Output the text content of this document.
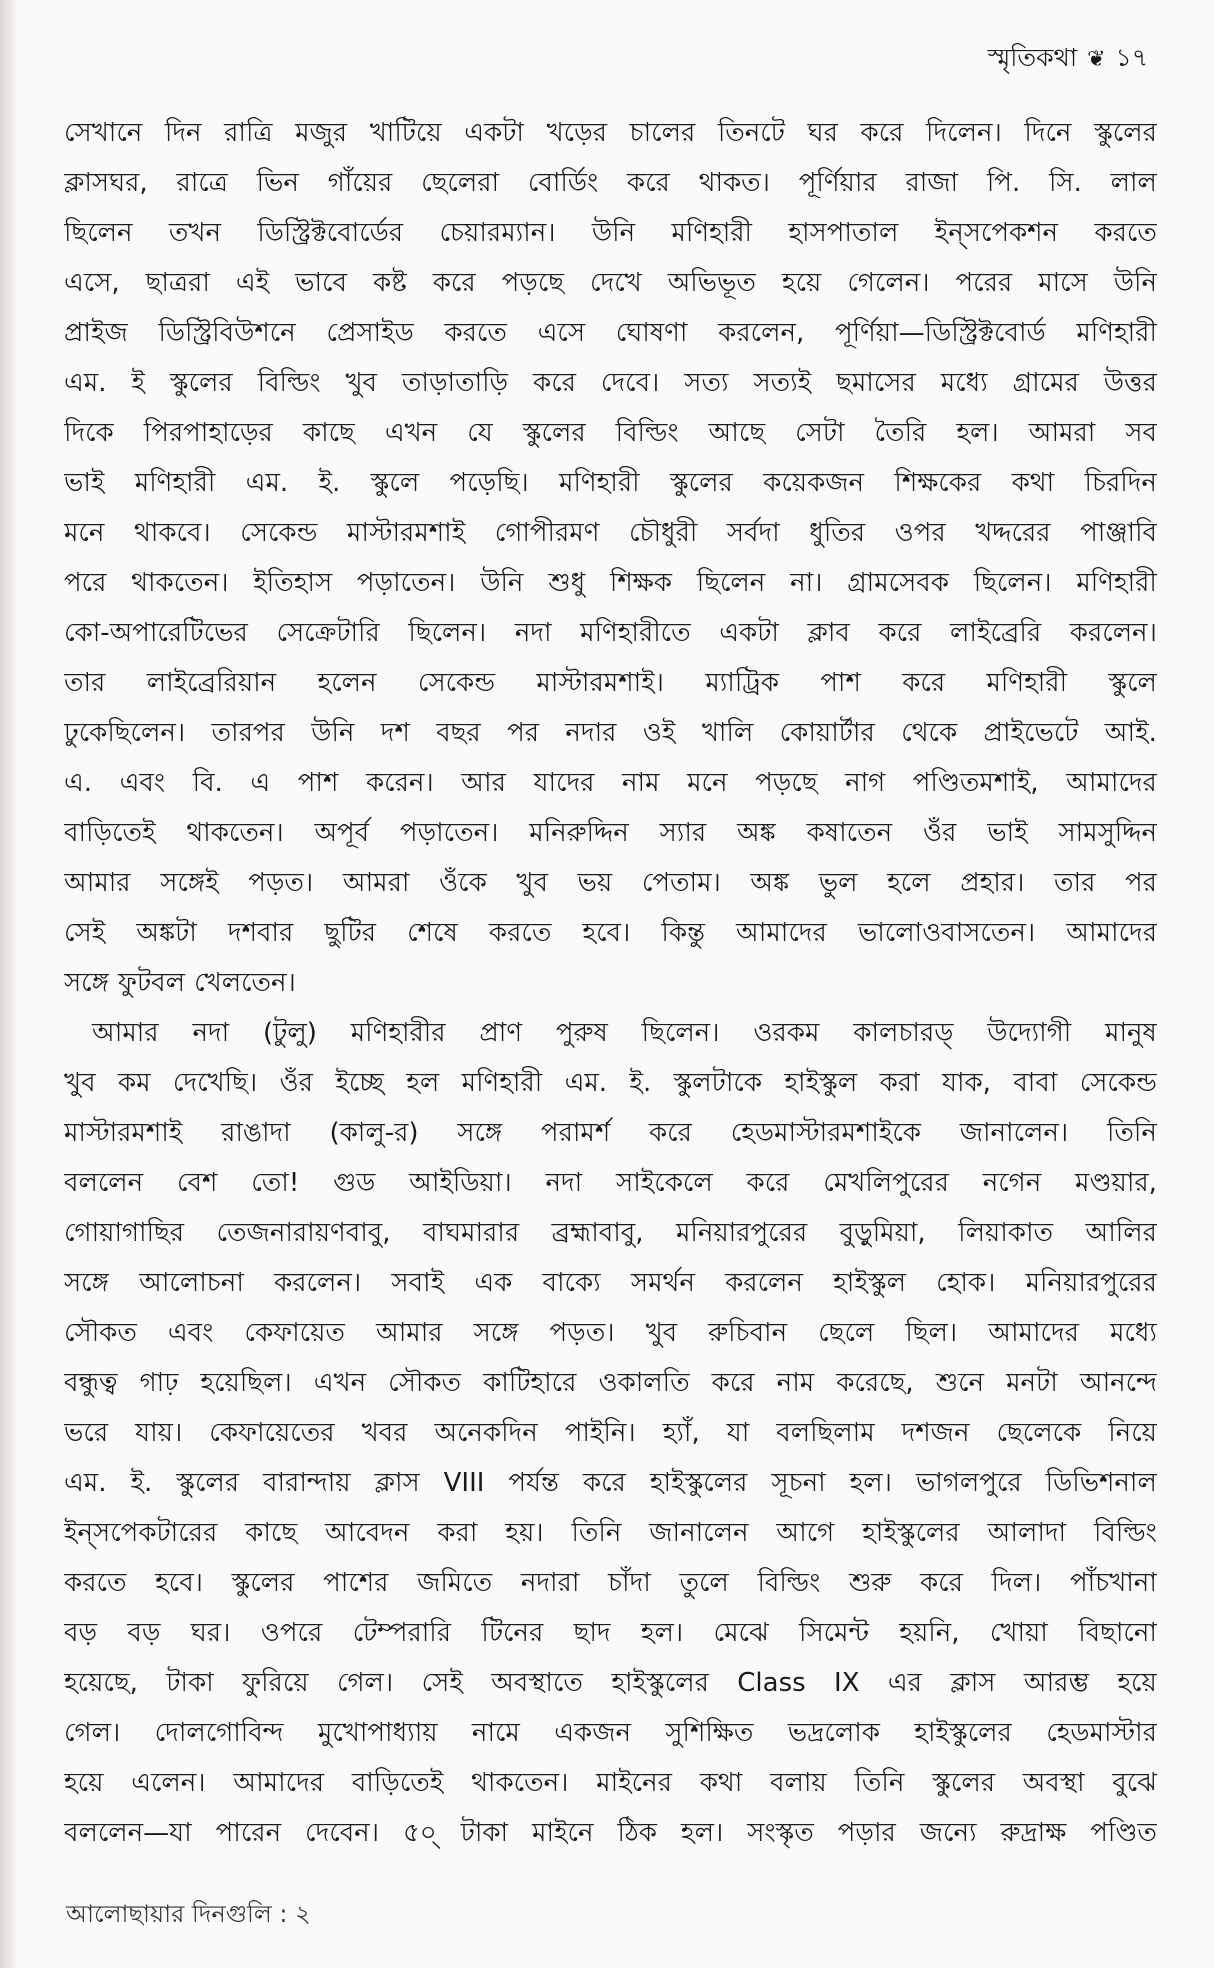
স্মৃতিকথা ❦ ১৭
সেখানে দিন রাত্রি মজুর খাটিয়ে একটা খড়ের চালের তিনটে ঘর করে দিলেন। দিনে স্কুলের
ক্লাসঘর, রাত্রে ভিন গাঁয়ের ছেলেরা বোর্ডিং করে থাকত। পূর্ণিয়ার রাজা পি. সি. লাল
ছিলেন তখন ডিস্ট্রিক্টবোর্ডের চেয়ারম্যান। উনি মণিহারী হাসপাতাল ইন্‌সপেকশন করতে
এসে, ছাত্ররা এই ভাবে কষ্ট করে পড়ছে দেখে অভিভূত হয়ে গেলেন। পরের মাসে উনি
প্রাইজ ডিস্ট্রিবিউশনে প্রেসাইড করতে এসে ঘোষণা করলেন, পূর্ণিয়া—ডিস্ট্রিক্টবোর্ড মণিহারী
এম. ই স্কুলের বিল্ডিং খুব তাড়াতাড়ি করে দেবে। সত্য সত্যই ছমাসের মধ্যে গ্রামের উত্তর
দিকে পিরপাহাড়ের কাছে এখন যে স্কুলের বিল্ডিং আছে সেটা তৈরি হল। আমরা সব
ভাই মণিহারী এম. ই. স্কুলে পড়েছি। মণিহারী স্কুলের কয়েকজন শিক্ষকের কথা চিরদিন
মনে থাকবে। সেকেন্ড মাস্টারমশাই গোপীরমণ চৌধুরী সর্বদা ধুতির ওপর খদ্দরের পাঞ্জাবি
পরে থাকতেন। ইতিহাস পড়াতেন। উনি শুধু শিক্ষক ছিলেন না। গ্রামসেবক ছিলেন। মণিহারী
কো-অপারেটিভের সেক্রেটারি ছিলেন। নদা মণিহারীতে একটা ক্লাব করে লাইব্রেরি করলেন।
তার লাইব্রেরিয়ান হলেন সেকেন্ড মাস্টারমশাই। ম্যাট্রিক পাশ করে মণিহারী স্কুলে
ঢুকেছিলেন। তারপর উনি দশ বছর পর নদার ওই খালি কোয়ার্টার থেকে প্রাইভেটে আই.
এ. এবং বি. এ পাশ করেন। আর যাদের নাম মনে পড়ছে নাগ পণ্ডিতমশাই, আমাদের
বাড়িতেই থাকতেন। অপূর্ব পড়াতেন। মনিরুদ্দিন স্যার অঙ্ক কষাতেন ওঁর ভাই সামসুদ্দিন
আমার সঙ্গেই পড়ত। আমরা ওঁকে খুব ভয় পেতাম। অঙ্ক ভুল হলে প্রহার। তার পর
সেই অঙ্কটা দশবার ছুটির শেষে করতে হবে। কিন্তু আমাদের ভালোওবাসতেন। আমাদের
সঙ্গে ফুটবল খেলতেন।
আমার নদা (টুলু) মণিহারীর প্রাণ পুরুষ ছিলেন। ওরকম কালচারড্ উদ্যোগী মানুষ
খুব কম দেখেছি। ওঁর ইচ্ছে হল মণিহারী এম. ই. স্কুলটাকে হাইস্কুল করা যাক, বাবা সেকেন্ড
মাস্টারমশাই রাঙাদা (কালু-র) সঙ্গে পরামর্শ করে হেডমাস্টারমশাইকে জানালেন। তিনি
বললেন বেশ তো! গুড আইডিয়া। নদা সাইকেলে করে মেখলিপুরের নগেন মণ্ডয়ার,
গোয়াগাছির তেজনারায়ণবাবু, বাঘমারার ব্রহ্মাবাবু, মনিয়ারপুরের বুড়ুমিয়া, লিয়াকাত আলির
সঙ্গে আলোচনা করলেন। সবাই এক বাক্যে সমর্থন করলেন হাইস্কুল হোক। মনিয়ারপুরের
সৌকত এবং কেফায়েত আমার সঙ্গে পড়ত। খুব রুচিবান ছেলে ছিল। আমাদের মধ্যে
বন্ধুত্ব গাঢ় হয়েছিল। এখন সৌকত কাটিহারে ওকালতি করে নাম করেছে, শুনে মনটা আনন্দে
ভরে যায়। কেফায়েতের খবর অনেকদিন পাইনি। হ্যাঁ, যা বলছিলাম দশজন ছেলেকে নিয়ে
এম. ই. স্কুলের বারান্দায় ক্লাস VIII পর্যন্ত করে হাইস্কুলের সূচনা হল। ভাগলপুরে ডিভিশনাল
ইন্‌সপেকটারের কাছে আবেদন করা হয়। তিনি জানালেন আগে হাইস্কুলের আলাদা বিল্ডিং
করতে হবে। স্কুলের পাশের জমিতে নদারা চাঁদা তুলে বিল্ডিং শুরু করে দিল। পাঁচখানা
বড় বড় ঘর। ওপরে টেম্পরারি টিনের ছাদ হল। মেঝে সিমেন্ট হয়নি, খোয়া বিছানো
হয়েছে, টাকা ফুরিয়ে গেল। সেই অবস্থাতে হাইস্কুলের Class IX এর ক্লাস আরম্ভ হয়ে
গেল। দোলগোবিন্দ মুখোপাধ্যায় নামে একজন সুশিক্ষিত ভদ্রলোক হাইস্কুলের হেডমাস্টার
হয়ে এলেন। আমাদের বাড়িতেই থাকতেন। মাইনের কথা বলায় তিনি স্কুলের অবস্থা বুঝে
বললেন—যা পারেন দেবেন। ৫০্ টাকা মাইনে ঠিক হল। সংস্কৃত পড়ার জন্যে রুদ্রাক্ষ পণ্ডিত
আলোছায়ার দিনগুলি : ২
